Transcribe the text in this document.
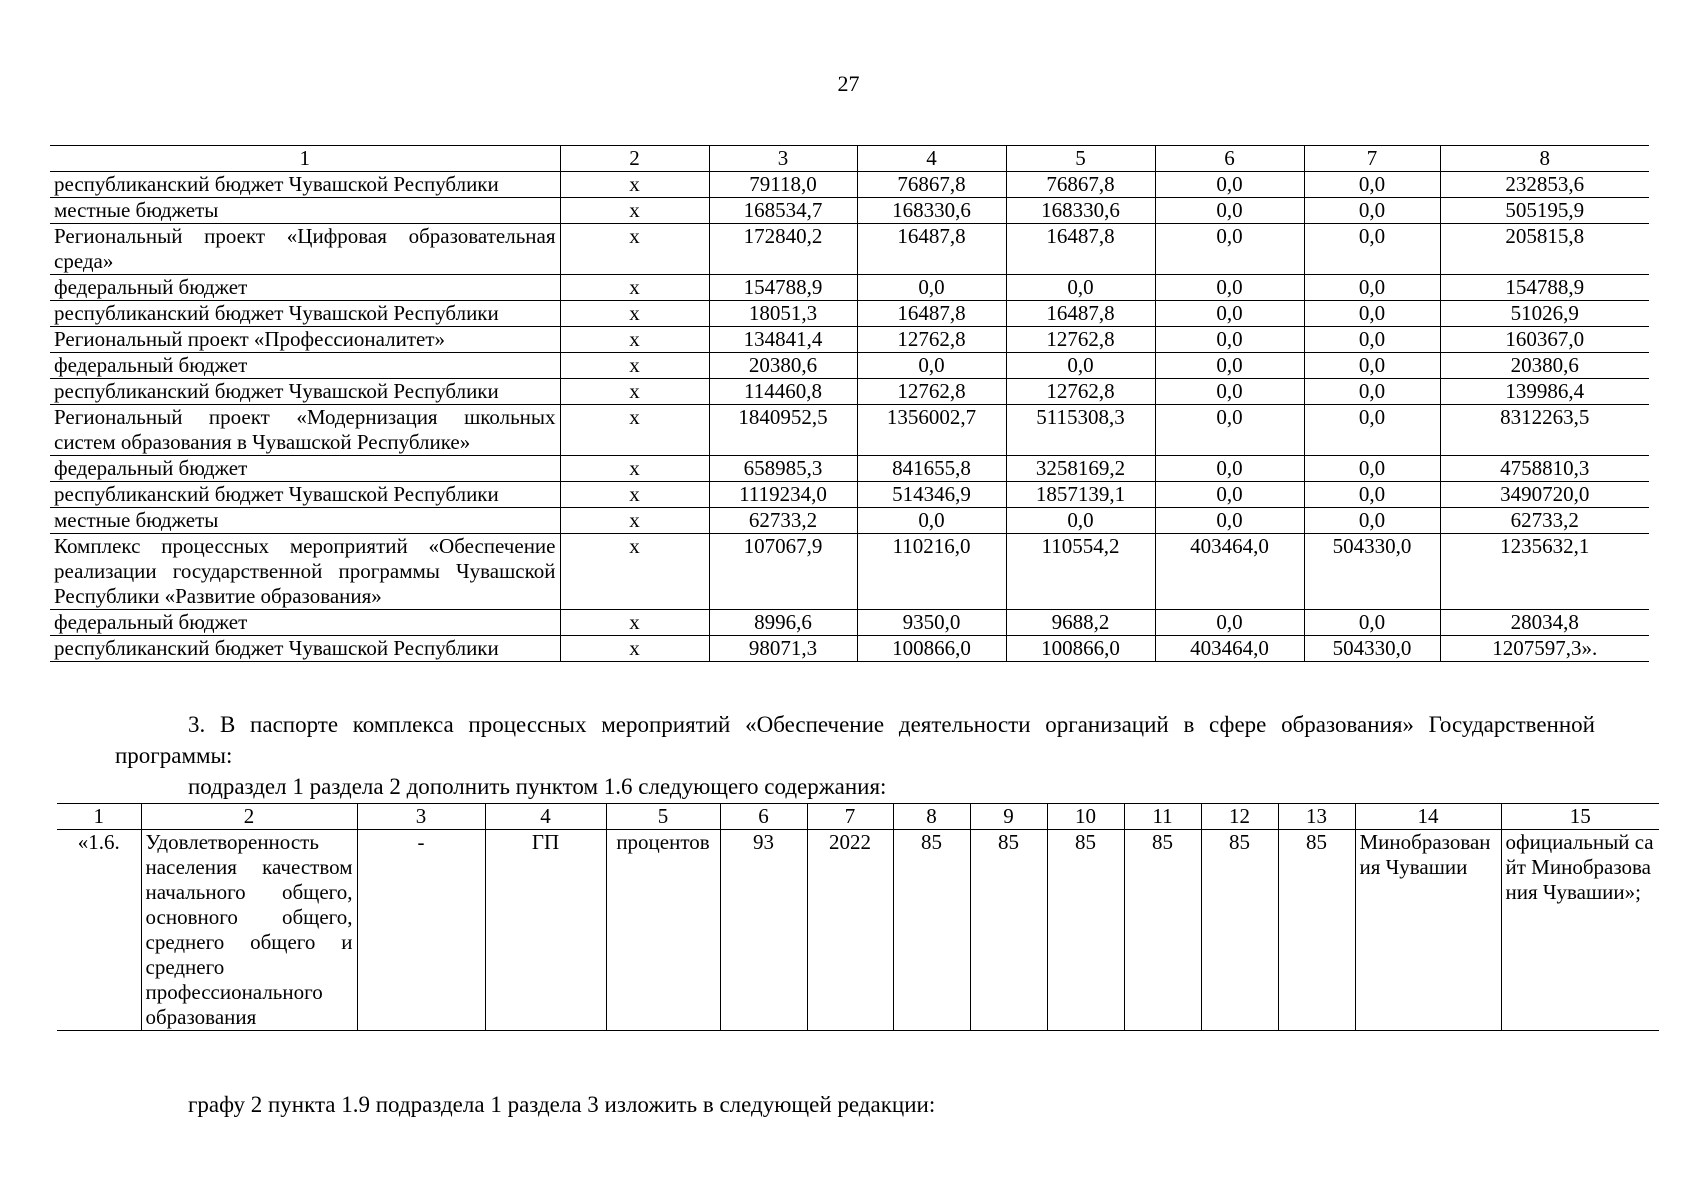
27
1	2	3	4	5	6	7	8
республиканский бюджет Чувашской Республики	х	79118,0	76867,8	76867,8	0,0	0,0	232853,6
местные бюджеты	х	168534,7	168330,6	168330,6	0,0	0,0	505195,9
Региональный проект «Цифровая образовательная среда»	х	172840,2	16487,8	16487,8	0,0	0,0	205815,8
федеральный бюджет	х	154788,9	0,0	0,0	0,0	0,0	154788,9
республиканский бюджет Чувашской Республики	х	18051,3	16487,8	16487,8	0,0	0,0	51026,9
Региональный проект «Профессионалитет»	х	134841,4	12762,8	12762,8	0,0	0,0	160367,0
федеральный бюджет	х	20380,6	0,0	0,0	0,0	0,0	20380,6
республиканский бюджет Чувашской Республики	х	114460,8	12762,8	12762,8	0,0	0,0	139986,4
Региональный проект «Модернизация школьных систем образования в Чувашской Республике»	х	1840952,5	1356002,7	5115308,3	0,0	0,0	8312263,5
федеральный бюджет	х	658985,3	841655,8	3258169,2	0,0	0,0	4758810,3
республиканский бюджет Чувашской Республики	х	1119234,0	514346,9	1857139,1	0,0	0,0	3490720,0
местные бюджеты	х	62733,2	0,0	0,0	0,0	0,0	62733,2
Комплекс процессных мероприятий «Обеспечение реализации государственной программы Чувашской Республики «Развитие образования»	х	107067,9	110216,0	110554,2	403464,0	504330,0	1235632,1
федеральный бюджет	х	8996,6	9350,0	9688,2	0,0	0,0	28034,8
республиканский бюджет Чувашской Республики	х	98071,3	100866,0	100866,0	403464,0	504330,0	1207597,3».

3. В паспорте комплекса процессных мероприятий «Обеспечение деятельности организаций в сфере образования» Государственной программы:

подраздел 1 раздела 2 дополнить пунктом 1.6 следующего содержания:

1	2	3	4	5	6	7	8	9	10	11	12	13	14	15
«1.6.	Удовлетворенность населения качеством начального общего, основного общего, среднего общего и среднего профессионального образования	-	ГП	процентов	93	2022	85	85	85	85	85	85	Минобразования Чувашии	официальный сайт Минобразования Чувашии»;

графу 2 пункта 1.9 подраздела 1 раздела 3 изложить в следующей редакции:
